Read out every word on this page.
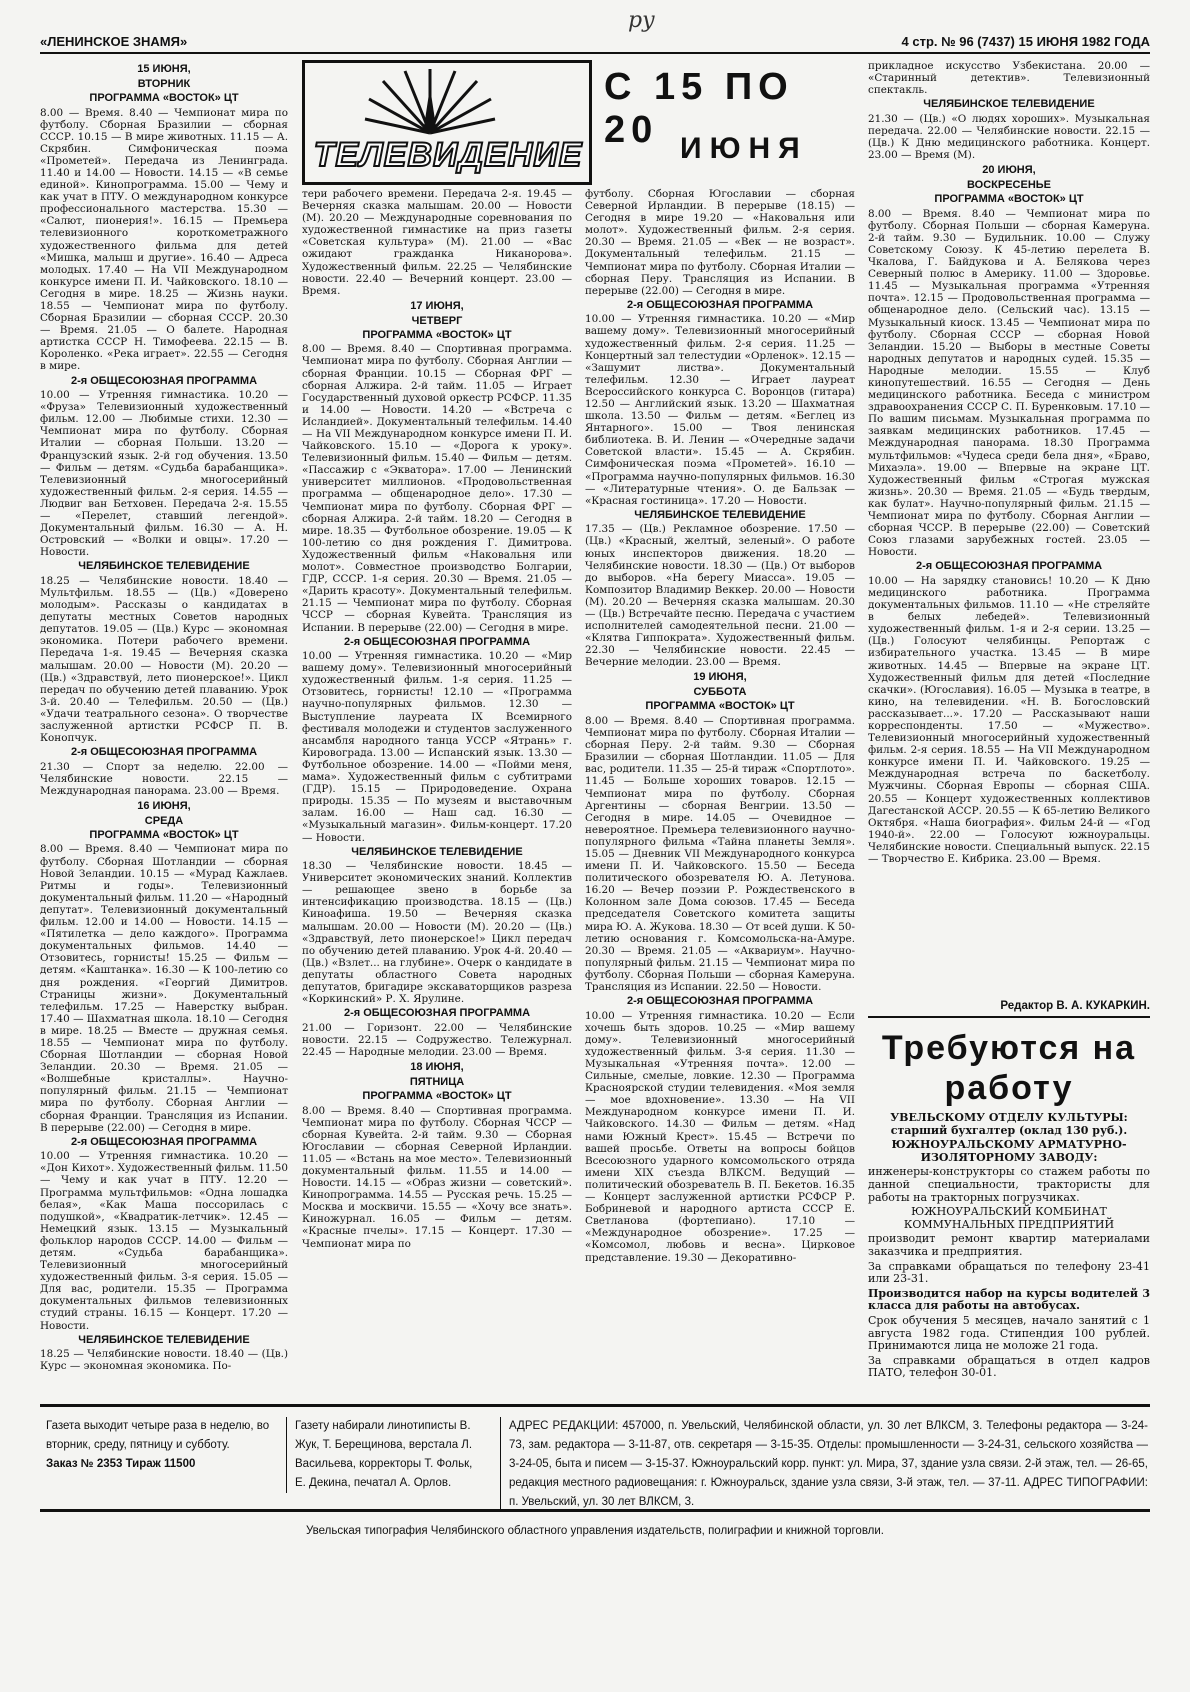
ру
«ЛЕНИНСКОЕ ЗНАМЯ»	4 стр. № 96 (7437) 15 ИЮНЯ 1982 ГОДА
ТЕЛЕВИДЕНИЕ
С 15 ПО 20 ИЮНЯ
15 ИЮНЯ,
ВТОРНИК
ПРОГРАММА «ВОСТОК» ЦТ

8.00 — Время. 8.40 — Чемпионат мира по футболу. Сборная Бразилии — сборная СССР. 10.15 — В мире животных. 11.15 — А. Скрябин. Симфоническая поэма «Прометей». Передача из Ленинграда. 11.40 и 14.00 — Новости. 14.15 — «В семье единой». Кинопрограмма. 15.00 — Чему и как учат в ПТУ. О международном конкурсе профессионального мастерства. 15.30 — «Салют, пионерия!». 16.15 — Премьера телевизионного короткометражного художественного фильма для детей «Мишка, малыш и другие». 16.40 — Адреса молодых. 17.40 — На VII Международном конкурсе имени П. И. Чайковского. 18.10 — Сегодня в мире. 18.25 — Жизнь науки. 18.55 — Чемпионат мира по футболу. Сборная Бразилии — сборная СССР. 20.30 — Время. 21.05 — О балете. Народная артистка СССР Н. Тимофеева. 22.15 — В. Короленко. «Река играет». 22.55 — Сегодня в мире.

2-я ОБЩЕСОЮЗНАЯ ПРОГРАММА

10.00 — Утренняя гимнастика. 10.20 — «Фруза» Телевизионный художественный фильм. 12.00 — Любимые стихи. 12.30 — Чемпионат мира по футболу. Сборная Италии — сборная Польши. 13.20 — Французский язык. 2-й год обучения. 13.50 — Фильм — детям. «Судьба барабанщика». Телевизионный многосерийный художественный фильм. 2-я серия. 14.55 — Людвиг ван Бетховен. Передача 2-я. 15.55 — «Перелет, ставший легендой». Документальный фильм. 16.30 — А. Н. Островский — «Волки и овцы». 17.20 — Новости.

ЧЕЛЯБИНСКОЕ ТЕЛЕВИДЕНИЕ

18.25 — Челябинские новости. 18.40 — Мультфильм. 18.55 — (Цв.) «Доверено молодым». Рассказы о кандидатах в депутаты местных Советов народных депутатов. 19.05 — (Цв.) Курс — экономная экономика. Потери рабочего времени. Передача 1-я. 19.45 — Вечерняя сказка малышам. 20.00 — Новости (М). 20.20 — (Цв.) «Здравствуй, лето пионерское!». Цикл передач по обучению детей плаванию. Урок 3-й. 20.40 — Телефильм. 20.50 — (Цв.) «Удачи театрального сезона». О творчестве заслуженной артистки РСФСР П. В. Конопчук.

2-я ОБЩЕСОЮЗНАЯ ПРОГРАММА

21.30 — Спорт за неделю. 22.00 — Челябинские новости. 22.15 — Международная панорама. 23.00 — Время.

16 ИЮНЯ,
СРЕДА
ПРОГРАММА «ВОСТОК» ЦТ

8.00 — Время. 8.40 — Чемпионат мира по футболу. Сборная Шотландии — сборная Новой Зеландии. 10.15 — «Мурад Кажлаев. Ритмы и годы». Телевизионный документальный фильм. 11.20 — «Народный депутат». Телевизионный документальный фильм. 12.00 и 14.00 — Новости. 14.15 — «Пятилетка — дело каждого». Программа документальных фильмов. 14.40 — Отзовитесь, горнисты! 15.25 — Фильм — детям. «Каштанка». 16.30 — К 100-летию со дня рождения. «Георгий Димитров. Страницы жизни». Документальный телефильм. 17.25 — Наверстку выбран. 17.40 — Шахматная школа. 18.10 — Сегодня в мире. 18.25 — Вместе — дружная семья. 18.55 — Чемпионат мира по футболу. Сборная Шотландии — сборная Новой Зеландии. 20.30 — Время. 21.05 — «Волшебные кристаллы». Научно-популярный фильм. 21.15 — Чемпионат мира по футболу. Сборная Англии — сборная Франции. Трансляция из Испании. В перерыве (22.00) — Сегодня в мире.

2-я ОБЩЕСОЮЗНАЯ ПРОГРАММА

10.00 — Утренняя гимнастика. 10.20 — «Дон Кихот». Художественный фильм. 11.50 — Чему и как учат в ПТУ. 12.20 — Программа мультфильмов: «Одна лошадка белая», «Как Маша поссорилась с подушкой», «Квадратик-летчик». 12.45 — Немецкий язык. 13.15 — Музыкальный фольклор народов СССР. 14.00 — Фильм — детям. «Судьба барабанщика». Телевизионный многосерийный художественный фильм. 3-я серия. 15.05 — Для вас, родители. 15.35 — Программа документальных фильмов телевизионных студий страны. 16.15 — Концерт. 17.20 — Новости.

ЧЕЛЯБИНСКОЕ ТЕЛЕВИДЕНИЕ

18.25 — Челябинские новости. 18.40 — (Цв.) Курс — экономная экономика. По-

тери рабочего времени. Передача 2-я. 19.45 — Вечерняя сказка малышам. 20.00 — Новости (М). 20.20 — Международные соревнования по художественной гимнастике на приз газеты «Советская культура» (М). 21.00 — «Вас ожидают гражданка Никанорова». Художественный фильм. 22.25 — Челябинские новости. 22.40 — Вечерний концерт. 23.00 — Время.

17 ИЮНЯ,
ЧЕТВЕРГ
ПРОГРАММА «ВОСТОК» ЦТ

8.00 — Время. 8.40 — Спортивная программа. Чемпионат мира по футболу. Сборная Англии — сборная Франции. 10.15 — Сборная ФРГ — сборная Алжира. 2-й тайм. 11.05 — Играет Государственный духовой оркестр РСФСР. 11.35 и 14.00 — Новости. 14.20 — «Встреча с Исландией». Документальный телефильм. 14.40 — На VII Международном конкурсе имени П. И. Чайковского. 15.10 — «Дорога к уроку». Телевизионный фильм. 15.40 — Фильм — детям. «Пассажир с «Экватора». 17.00 — Ленинский университет миллионов. «Продовольственная программа — общенародное дело». 17.30 — Чемпионат мира по футболу. Сборная ФРГ — сборная Алжира. 2-й тайм. 18.20 — Сегодня в мире. 18.35 — Футбольное обозрение. 19.05 — К 100-летию со дня рождения Г. Димитрова. Художественный фильм «Наковальня или молот». Совместное производство Болгарии, ГДР, СССР. 1-я серия. 20.30 — Время. 21.05 — «Дарить красоту». Документальный телефильм. 21.15 — Чемпионат мира по футболу. Сборная ЧССР — сборная Кувейта. Трансляция из Испании. В перерыве (22.00) — Сегодня в мире.

2-я ОБЩЕСОЮЗНАЯ ПРОГРАММА

10.00 — Утренняя гимнастика. 10.20 — «Мир вашему дому». Телевизионный многосерийный художественный фильм. 1-я серия. 11.25 — Отзовитесь, горнисты! 12.10 — «Программа научно-популярных фильмов. 12.30 — Выступление лауреата IX Всемирного фестиваля молодежи и студентов заслуженного ансамбля народного танца УССР «Ятрань» г. Кировограда. 13.00 — Испанский язык. 13.30 — Футбольное обозрение. 14.00 — «Пойми меня, мама». Художественный фильм с субтитрами (ГДР). 15.15 — Природоведение. Охрана природы. 15.35 — По музеям и выставочным залам. 16.00 — Наш сад. 16.30 — «Музыкальный магазин». Фильм-концерт. 17.20 — Новости.

ЧЕЛЯБИНСКОЕ ТЕЛЕВИДЕНИЕ

18.30 — Челябинские новости. 18.45 — Университет экономических знаний. Коллектив — решающее звено в борьбе за интенсификацию производства. 18.15 — (Цв.) Киноафиша. 19.50 — Вечерняя сказка малышам. 20.00 — Новости (М). 20.20 — (Цв.) «Здравствуй, лето пионерское!» Цикл передач по обучению детей плаванию. Урок 4-й. 20.40 — (Цв.) «Взлет... на глубине». Очерк о кандидате в депутаты областного Совета народных депутатов, бригадире экскаваторщиков разреза «Коркинский» Р. Х. Ярулине.

2-я ОБЩЕСОЮЗНАЯ ПРОГРАММА

21.00 — Горизонт. 22.00 — Челябинские новости. 22.15 — Содружество. Тележурнал. 22.45 — Народные мелодии. 23.00 — Время.

18 ИЮНЯ,
ПЯТНИЦА
ПРОГРАММА «ВОСТОК» ЦТ

8.00 — Время. 8.40 — Спортивная программа. Чемпионат мира по футболу. Сборная ЧССР — сборная Кувейта. 2-й тайм. 9.30 — Сборная Югославии — сборная Северной Ирландии. 11.05 — «Встань на мое место». Телевизионный документальный фильм. 11.55 и 14.00 — Новости. 14.15 — «Образ жизни — советский». Кинопрограмма. 14.55 — Русская речь. 15.25 — Москва и москвичи. 15.55 — «Хочу все знать». Киножурнал. 16.05 — Фильм — детям. «Красные пчелы». 17.15 — Концерт. 17.30 — Чемпионат мира по

футболу. Сборная Югославии — сборная Северной Ирландии. В перерыве (18.15) — Сегодня в мире 19.20 — «Наковальня или молот». Художественный фильм. 2-я серия. 20.30 — Время. 21.05 — «Век — не возраст». Документальный телефильм. 21.15 — Чемпионат мира по футболу. Сборная Италии — сборная Перу. Трансляция из Испании. В перерыве (22.00) — Сегодня в мире.

2-я ОБЩЕСОЮЗНАЯ ПРОГРАММА

10.00 — Утренняя гимнастика. 10.20 — «Мир вашему дому». Телевизионный многосерийный художественный фильм. 2-я серия. 11.25 — Концертный зал телестудии «Орленок». 12.15 — «Зашумит листва». Документальный телефильм. 12.30 — Играет лауреат Всероссийского конкурса С. Воронцов (гитара) 12.50 — Английский язык. 13.20 — Шахматная школа. 13.50 — Фильм — детям. «Беглец из Янтарного». 15.00 — Твоя ленинская библиотека. В. И. Ленин — «Очередные задачи Советской власти». 15.45 — А. Скрябин. Симфоническая поэма «Прометей». 16.10 — «Программа научно-популярных фильмов. 16.30 — «Литературные чтения». О. де Бальзак — «Красная гостиница». 17.20 — Новости.

ЧЕЛЯБИНСКОЕ ТЕЛЕВИДЕНИЕ

17.35 — (Цв.) Рекламное обозрение. 17.50 — (Цв.) «Красный, желтый, зеленый». О работе юных инспекторов движения. 18.20 — Челябинские новости. 18.30 — (Цв.) От выборов до выборов. «На берегу Миасса». 19.05 — Композитор Владимир Веккер. 20.00 — Новости (М). 20.20 — Вечерняя сказка малышам. 20.30 — (Цв.) Встречайте песню. Передача с участием исполнителей самодеятельной песни. 21.00 — «Клятва Гиппократа». Художественный фильм. 22.30 — Челябинские новости. 22.45 — Вечерние мелодии. 23.00 — Время.

19 ИЮНЯ,
СУББОТА
ПРОГРАММА «ВОСТОК» ЦТ

8.00 — Время. 8.40 — Спортивная программа. Чемпионат мира по футболу. Сборная Италии — сборная Перу. 2-й тайм. 9.30 — Сборная Бразилии — сборная Шотландии. 11.05 — Для вас, родители. 11.35 — 25-й тираж «Спортлото». 11.45 — Больше хороших товаров. 12.15 — Чемпионат мира по футболу. Сборная Аргентины — сборная Венгрии. 13.50 — Сегодня в мире. 14.05 — Очевидное — невероятное. Премьера телевизионного научно-популярного фильма «Тайна планеты Земля». 15.05 — Дневник VII Международного конкурса имени П. И. Чайковского. 15.50 — Беседа политического обозревателя Ю. А. Летунова. 16.20 — Вечер поэзии Р. Рождественского в Колонном зале Дома союзов. 17.45 — Беседа председателя Советского комитета защиты мира Ю. А. Жукова. 18.30 — От всей души. К 50-летию основания г. Комсомольска-на-Амуре. 20.30 — Время. 21.05 — «Аквариум». Научно-популярный фильм. 21.15 — Чемпионат мира по футболу. Сборная Польши — сборная Камеруна. Трансляция из Испании. 22.50 — Новости.

2-я ОБЩЕСОЮЗНАЯ ПРОГРАММА

10.00 — Утренняя гимнастика. 10.20 — Если хочешь быть здоров. 10.25 — «Мир вашему дому». Телевизионный многосерийный художественный фильм. 3-я серия. 11.30 — Музыкальная «Утренняя почта». 12.00 — Сильные, смелые, ловкие. 12.30 — Программа Красноярской студии телевидения. «Моя земля — мое вдохновение». 13.30 — На VII Международном конкурсе имени П. И. Чайковского. 14.30 — Фильм — детям. «Над нами Южный Крест». 15.45 — Встречи по вашей просьбе. Ответы на вопросы бойцов Всесоюзного ударного комсомольского отряда имени XIX съезда ВЛКСМ. Ведущий — политический обозреватель В. П. Бекетов. 16.35 — Концерт заслуженной артистки РСФСР Р. Бобриневой и народного артиста СССР Е. Светланова (фортепиано). 17.10 — «Международное обозрение». 17.25 — «Комсомол, любовь и весна». Цирковое представление. 19.30 — Декоративно-

прикладное искусство Узбекистана. 20.00 — «Старинный детектив». Телевизионный спектакль.

ЧЕЛЯБИНСКОЕ ТЕЛЕВИДЕНИЕ

21.30 — (Цв.) «О людях хороших». Музыкальная передача. 22.00 — Челябинские новости. 22.15 — (Цв.) К Дню медицинского работника. Концерт. 23.00 — Время (М).

20 ИЮНЯ,
ВОСКРЕСЕНЬЕ
ПРОГРАММА «ВОСТОК» ЦТ

8.00 — Время. 8.40 — Чемпионат мира по футболу. Сборная Польши — сборная Камеруна. 2-й тайм. 9.30 — Будильник. 10.00 — Служу Советскому Союзу. К 45-летию перелета В. Чкалова, Г. Байдукова и А. Белякова через Северный полюс в Америку. 11.00 — Здоровье. 11.45 — Музыкальная программа «Утренняя почта». 12.15 — Продовольственная программа — общенародное дело. (Сельский час). 13.15 — Музыкальный киоск. 13.45 — Чемпионат мира по футболу. Сборная СССР — сборная Новой Зеландии. 15.20 — Выборы в местные Советы народных депутатов и народных судей. 15.35 — Народные мелодии. 15.55 — Клуб кинопутешествий. 16.55 — Сегодня — День медицинского работника. Беседа с министром здравоохранения СССР С. П. Буренковым. 17.10 — По вашим письмам. Музыкальная программа по заявкам медицинских работников. 17.45 — Международная панорама. 18.30 Программа мультфильмов: «Чудеса среди бела дня», «Браво, Михаэла». 19.00 — Впервые на экране ЦТ. Художественный фильм «Строгая мужская жизнь». 20.30 — Время. 21.05 — «Будь твердым, как булат». Научно-популярный фильм. 21.15 — Чемпионат мира по футболу. Сборная Англии — сборная ЧССР. В перерыве (22.00) — Советский Союз глазами зарубежных гостей. 23.05 — Новости.

2-я ОБЩЕСОЮЗНАЯ ПРОГРАММА

10.00 — На зарядку становись! 10.20 — К Дню медицинского работника. Программа документальных фильмов. 11.10 — «Не стреляйте в белых лебедей». Телевизионный художественный фильм. 1-я и 2-я серии. 13.25 — (Цв.) Голосуют челябинцы. Репортаж с избирательного участка. 13.45 — В мире животных. 14.45 — Впервые на экране ЦТ. Художественный фильм для детей «Последние скачки». (Югославия). 16.05 — Музыка в театре, в кино, на телевидении. «Н. В. Богословский рассказывает...». 17.20 — Рассказывают наши корреспонденты. 17.50 — «Мужество». Телевизионный многосерийный художественный фильм. 2-я серия. 18.55 — На VII Международном конкурсе имени П. И. Чайковского. 19.25 — Международная встреча по баскетболу. Мужчины. Сборная Европы — сборная США. 20.55 — Концерт художественных коллективов Дагестанской АССР. 20.55 — К 65-летию Великого Октября. «Наша биография». Фильм 24-й — «Год 1940-й». 22.00 — Голосуют южноуральцы. Челябинские новости. Специальный выпуск. 22.15 — Творчество Е. Кибрика. 23.00 — Время.

Редактор В. А. КУКАРКИН.
Требуются на работу

УВЕЛЬСКОМУ ОТДЕЛУ КУЛЬТУРЫ: старший бухгалтер (оклад 130 руб.).

ЮЖНОУРАЛЬСКОМУ АРМАТУРНО-ИЗОЛЯТОРНОМУ ЗАВОДУ:

инженеры-конструкторы со стажем работы по данной специальности, трактористы для работы на тракторных погрузчиках.

ЮЖНОУРАЛЬСКИЙ КОМБИНАТ КОММУНАЛЬНЫХ ПРЕДПРИЯТИЙ

производит ремонт квартир материалами заказчика и предприятия.

За справками обращаться по телефону 23-41 или 23-31.

Производится набор на курсы водителей 3 класса для работы на автобусах.

Срок обучения 5 месяцев, начало занятий с 1 августа 1982 года. Стипендия 100 рублей. Принимаются лица не моложе 21 года.

За справками обращаться в отдел кадров ПАТО, телефон 30-01.

Газета выходит четыре раза в неделю, во вторник, среду, пятницу и субботу.
Заказ № 2353 Тираж 11500
Газету набирали линотиписты В. Жук, Т. Берещинова, верстала Л. Васильева, корректоры Т. Фольк, Е. Декина, печатал А. Орлов.
АДРЕС РЕДАКЦИИ: 457000, п. Увельский, Челябинской области, ул. 30 лет ВЛКСМ, 3. Телефоны редактора — 3-24-73, зам. редактора — 3-11-87, отв. секретаря — 3-15-35. Отделы: промышленности — 3-24-31, сельского хозяйства — 3-24-05, быта и писем — 3-15-37. Южноуральский корр. пункт: ул. Мира, 37, здание узла связи. 2-й этаж, тел. — 26-65, редакция местного радиовещания: г. Южноуральск, здание узла связи, 3-й этаж, тел. — 37-11. АДРЕС ТИПОГРАФИИ: п. Увельский, ул. 30 лет ВЛКСМ, 3.
Увельская типография Челябинского областного управления издательств, полиграфии и книжной торговли.
